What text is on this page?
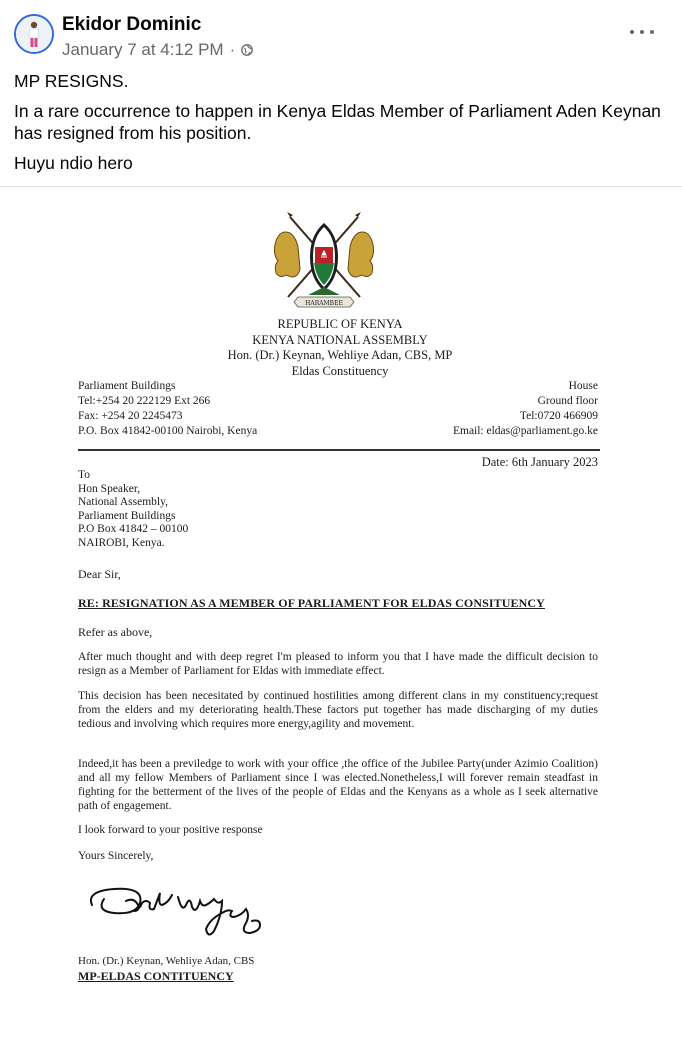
Ekidor Dominic
January 7 at 4:12 PM ·

MP RESIGNS.

In a rare occurrence to happen in Kenya Eldas Member of Parliament Aden Keynan has resigned from his position.

Huyu ndio hero

HARAMBEE
REPUBLIC OF KENYA
KENYA NATIONAL ASSEMBLY
Hon. (Dr.) Keynan, Wehliye Adan, CBS, MP
Eldas Constituency
Parliament Buildings
Tel:+254 20 222129 Ext 266
Fax: +254 20 2245473
P.O. Box 41842-00100 Nairobi, Kenya
House
Ground floor
Tel:0720 466909
Email: eldas@parliament.go.ke
Date: 6th January 2023
To
Hon Speaker,
National Assembly,
Parliament Buildings
P.O Box 41842 – 00100
NAIROBI, Kenya.
Dear Sir,
RE: RESIGNATION AS A MEMBER OF PARLIAMENT FOR ELDAS CONSITUENCY
Refer as above,
After much thought and with deep regret I'm pleased to inform you that I have made the difficult decision to resign as a Member of Parliament for Eldas with immediate effect.
This decision has been necesitated by continued hostilities among different clans in my constituency;request from the elders and my deteriorating health.These factors put together has made discharging of my duties tedious and involving which requires more energy,agility and movement.
Indeed,it has been a previledge to work with your office ,the office of the Jubilee Party(under Azimio Coalition) and all my fellow Members of Parliament since I was elected.Nonetheless,I will forever remain steadfast in fighting for the betterment of the lives of the people of Eldas and the Kenyans as a whole as I seek alternative path of engagement.
I look forward to your positive response
Yours Sincerely,
Hon. (Dr.) Keynan, Wehliye Adan, CBS
MP-ELDAS CONTITUENCY
